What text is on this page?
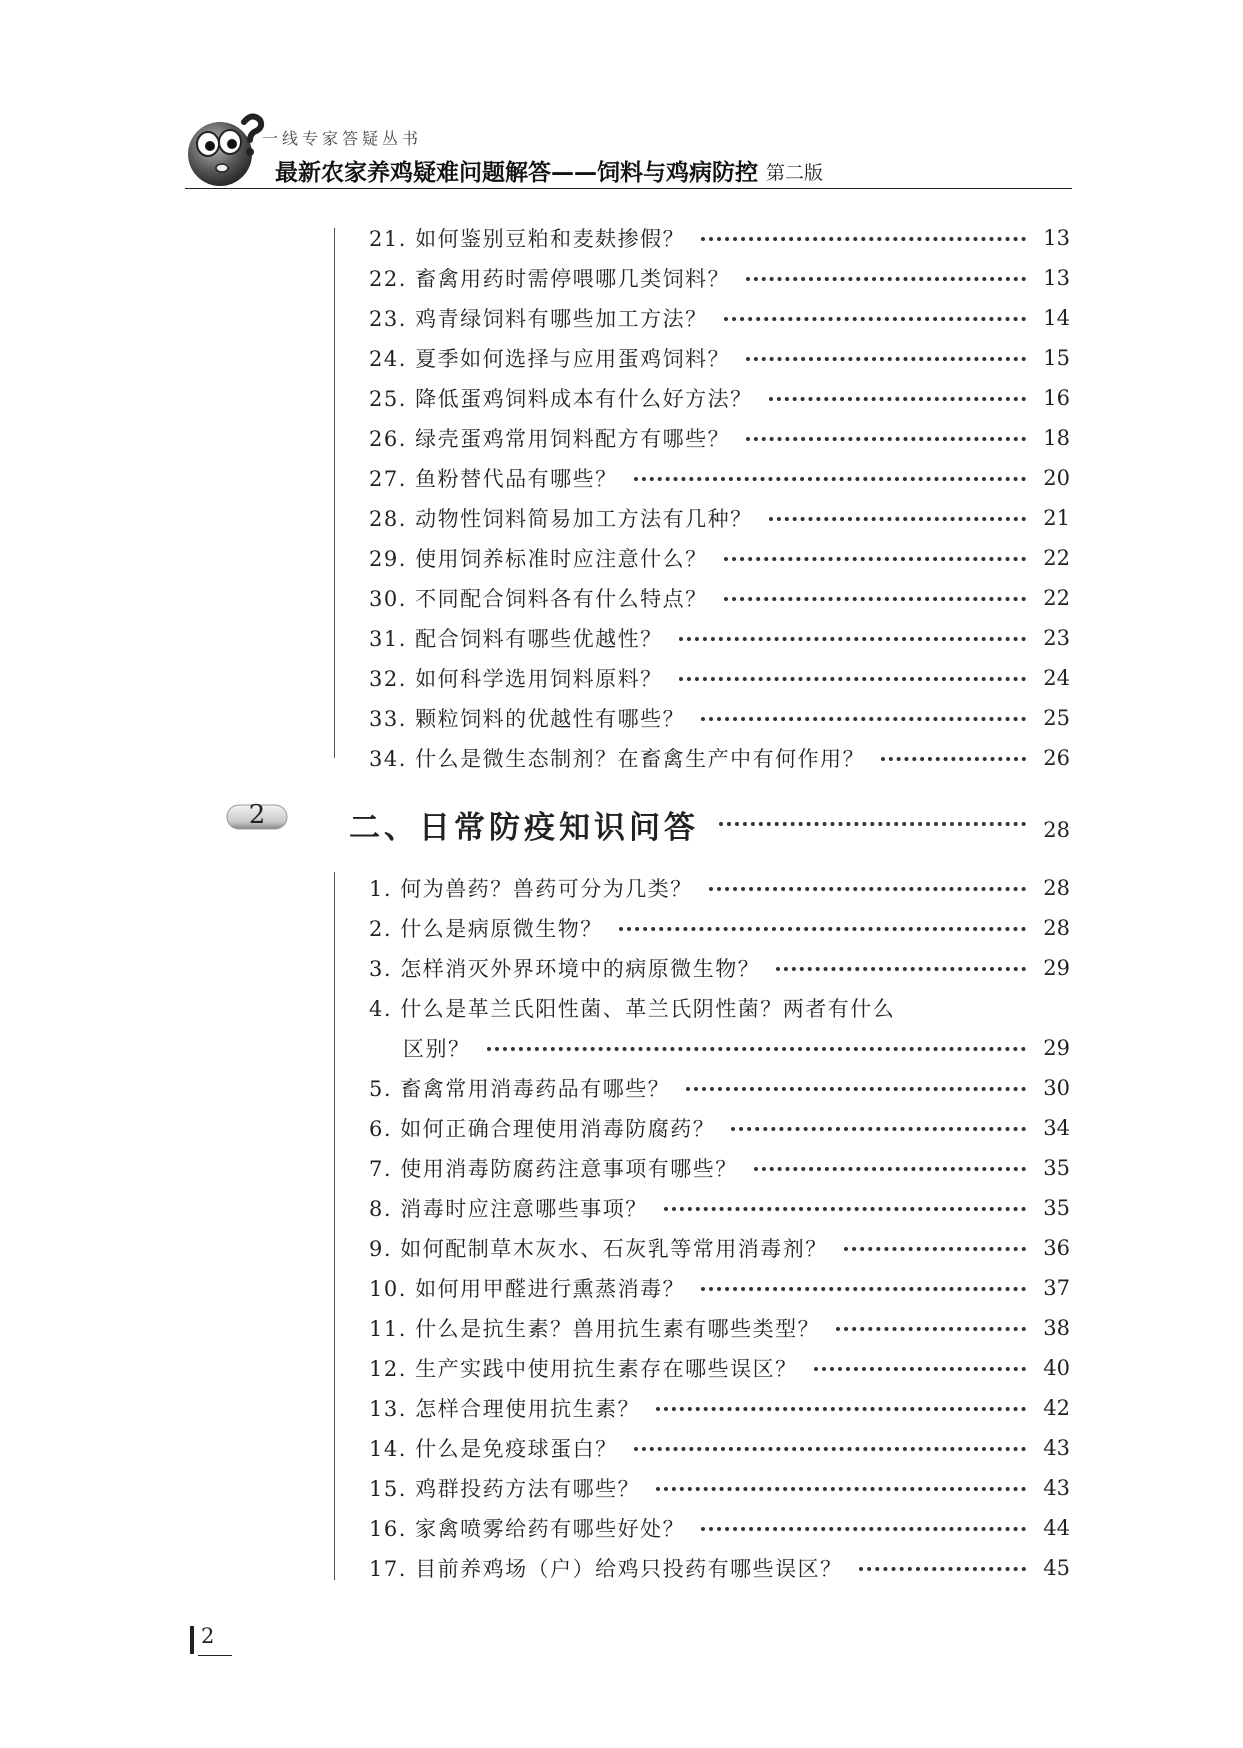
一线专家答疑丛书
最新农家养鸡疑难问题解答——饲料与鸡病防控 第二版
21. 如何鉴别豆粕和麦麸掺假？	13
22. 畜禽用药时需停喂哪几类饲料？	13
23. 鸡青绿饲料有哪些加工方法？	14
24. 夏季如何选择与应用蛋鸡饲料？	15
25. 降低蛋鸡饲料成本有什么好方法？	16
26. 绿壳蛋鸡常用饲料配方有哪些？	18
27. 鱼粉替代品有哪些？	20
28. 动物性饲料简易加工方法有几种？	21
29. 使用饲养标准时应注意什么？	22
30. 不同配合饲料各有什么特点？	22
31. 配合饲料有哪些优越性？	23
32. 如何科学选用饲料原料？	24
33. 颗粒饲料的优越性有哪些？	25
34. 什么是微生态制剂？在畜禽生产中有何作用？	26
2	二、日常防疫知识问答	28
1. 何为兽药？兽药可分为几类？	28
2. 什么是病原微生物？	28
3. 怎样消灭外界环境中的病原微生物？	29
4. 什么是革兰氏阳性菌、革兰氏阴性菌？两者有什么
区别？	29
5. 畜禽常用消毒药品有哪些？	30
6. 如何正确合理使用消毒防腐药？	34
7. 使用消毒防腐药注意事项有哪些？	35
8. 消毒时应注意哪些事项？	35
9. 如何配制草木灰水、石灰乳等常用消毒剂？	36
10. 如何用甲醛进行熏蒸消毒？	37
11. 什么是抗生素？兽用抗生素有哪些类型？	38
12. 生产实践中使用抗生素存在哪些误区？	40
13. 怎样合理使用抗生素？	42
14. 什么是免疫球蛋白？	43
15. 鸡群投药方法有哪些？	43
16. 家禽喷雾给药有哪些好处？	44
17. 目前养鸡场（户）给鸡只投药有哪些误区？	45
2
